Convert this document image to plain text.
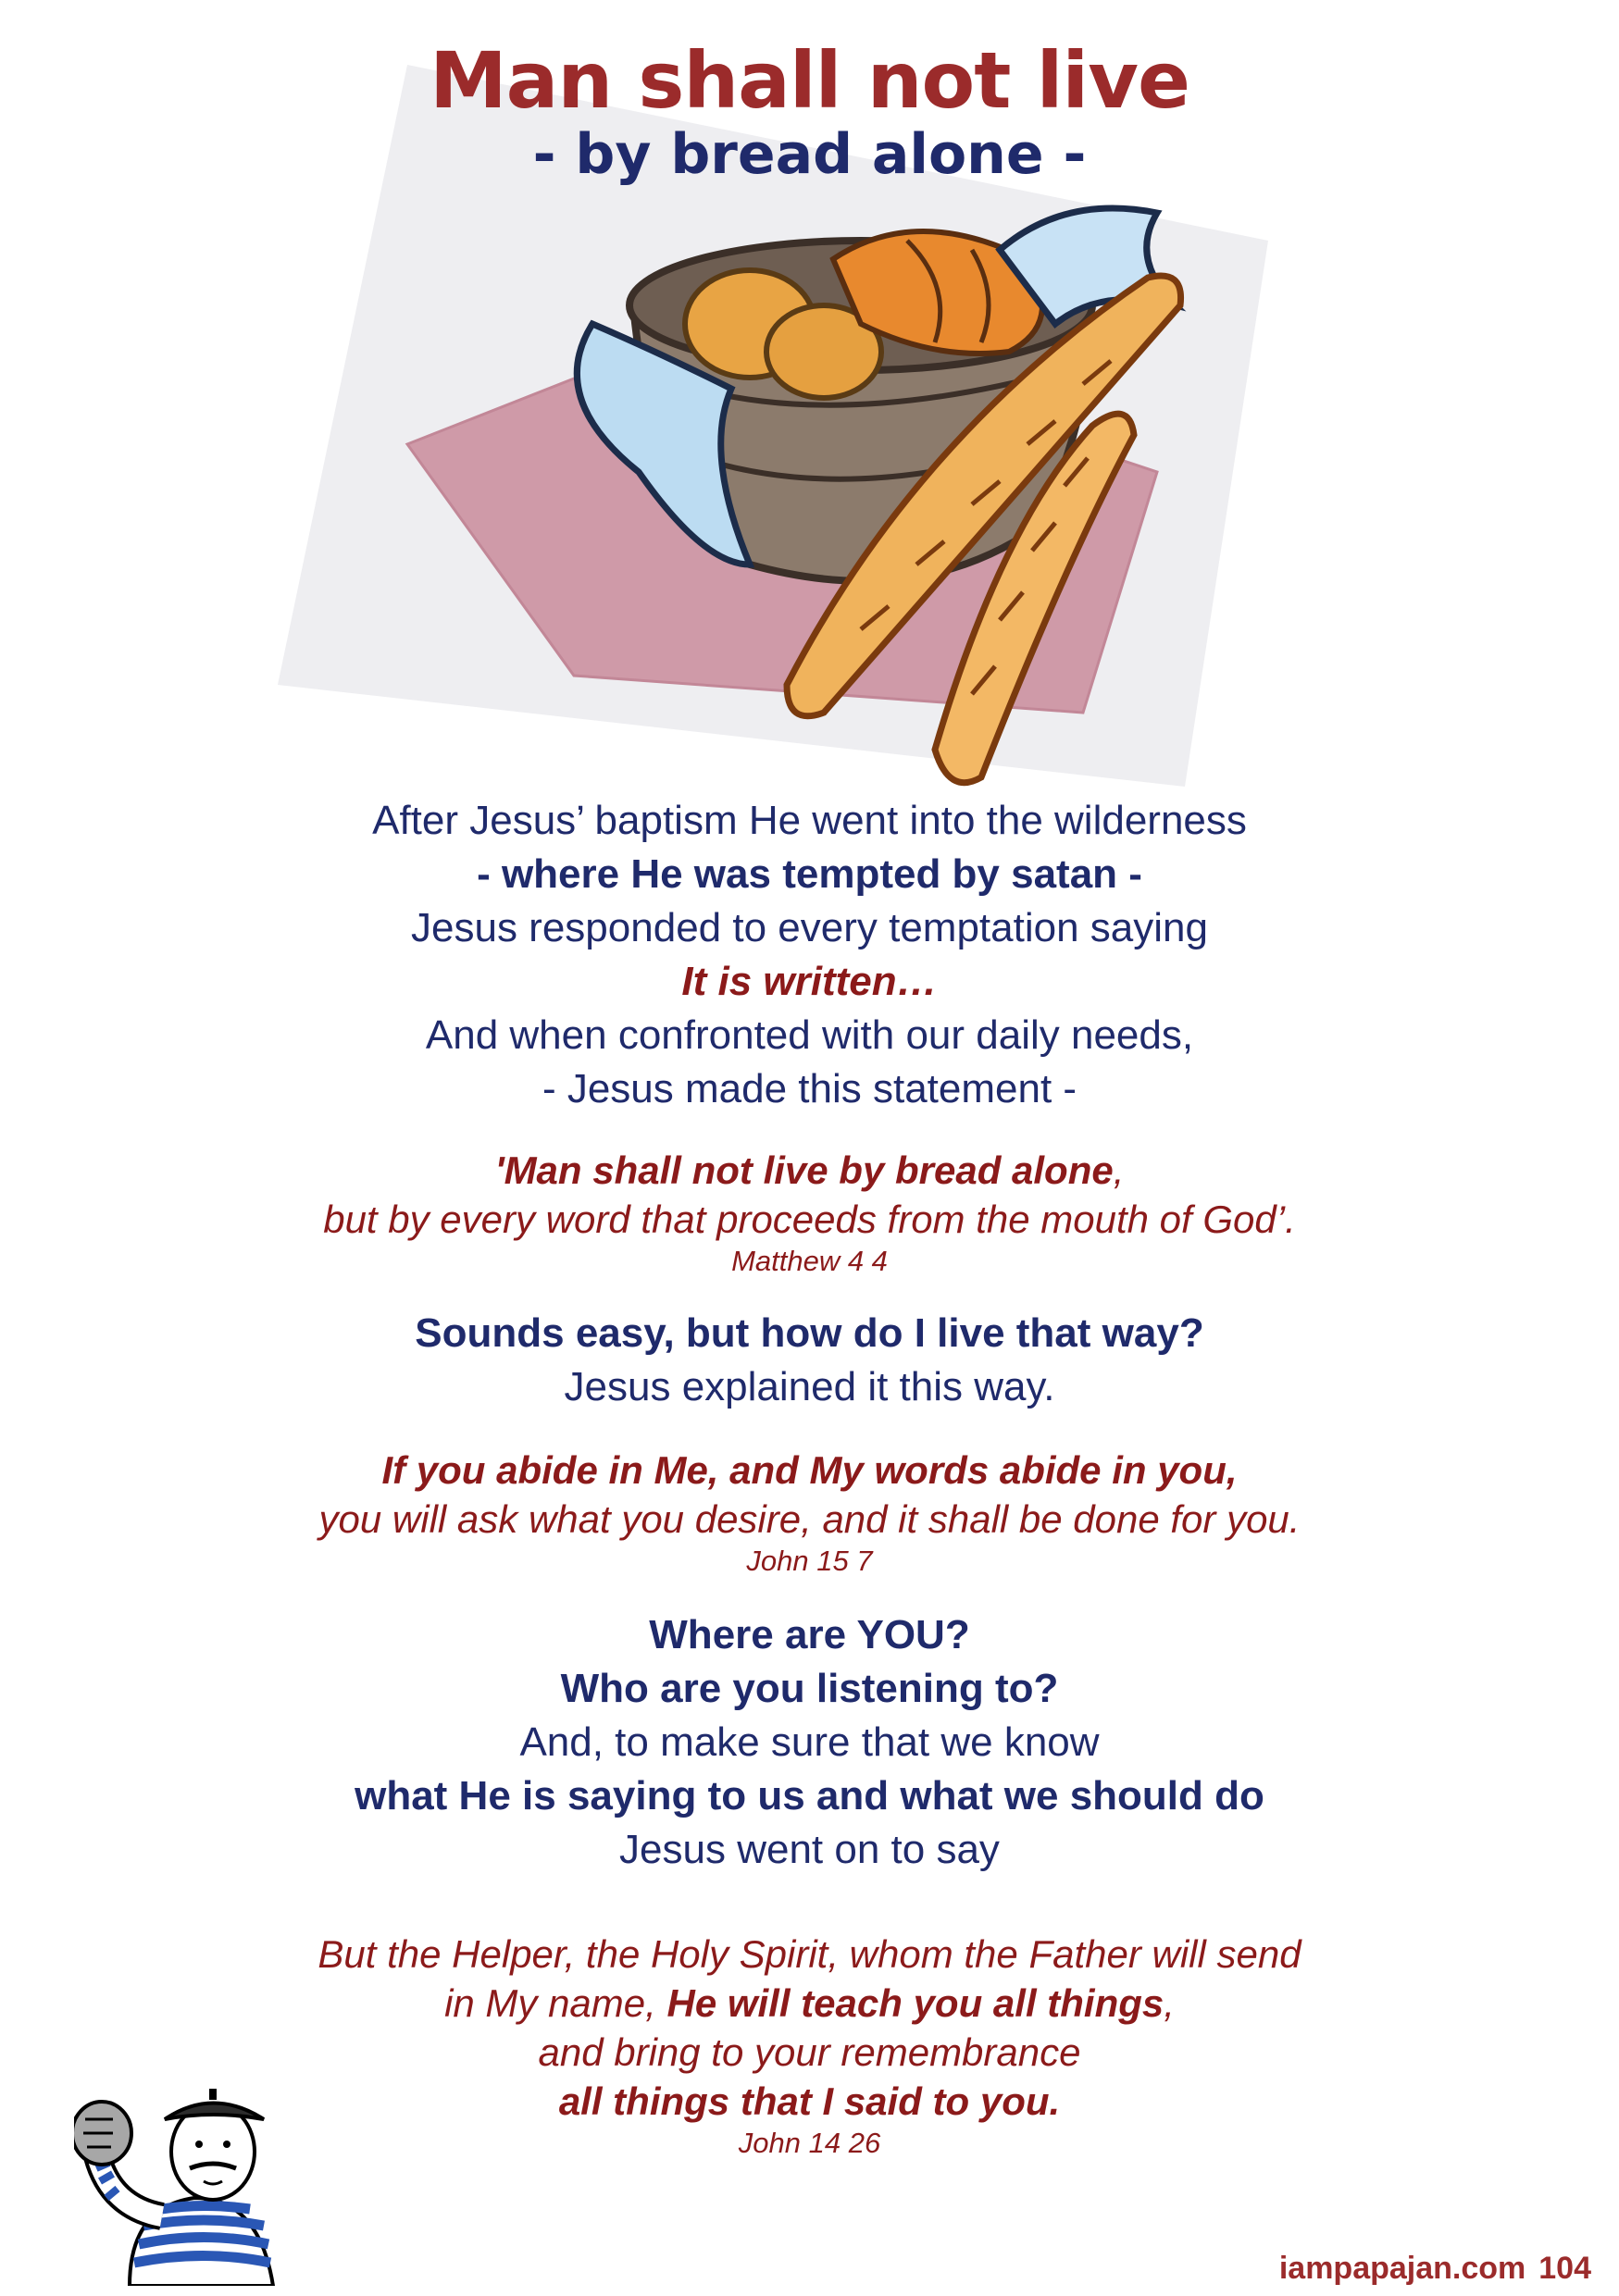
Man shall not live
- by bread alone -
After Jesus’ baptism He went into the wilderness
- where He was tempted by satan -
Jesus responded to every temptation saying
It is written…
And when confronted with our daily needs,
- Jesus made this statement -
'Man shall not live by bread alone,
but by every word that proceeds from the mouth of God’.
Matthew 4 4
Sounds easy, but how do I live that way?
Jesus explained it this way.
If you abide in Me, and My words abide in you,
you will ask what you desire, and it shall be done for you.
John 15 7
Where are YOU?
Who are you listening to?
And, to make sure that we know
what He is saying to us and what we should do
Jesus went on to say
But the Helper, the Holy Spirit, whom the Father will send
in My name, He will teach you all things,
and bring to your remembrance
all things that I said to you.
John 14 26
iampapajan.com 104
